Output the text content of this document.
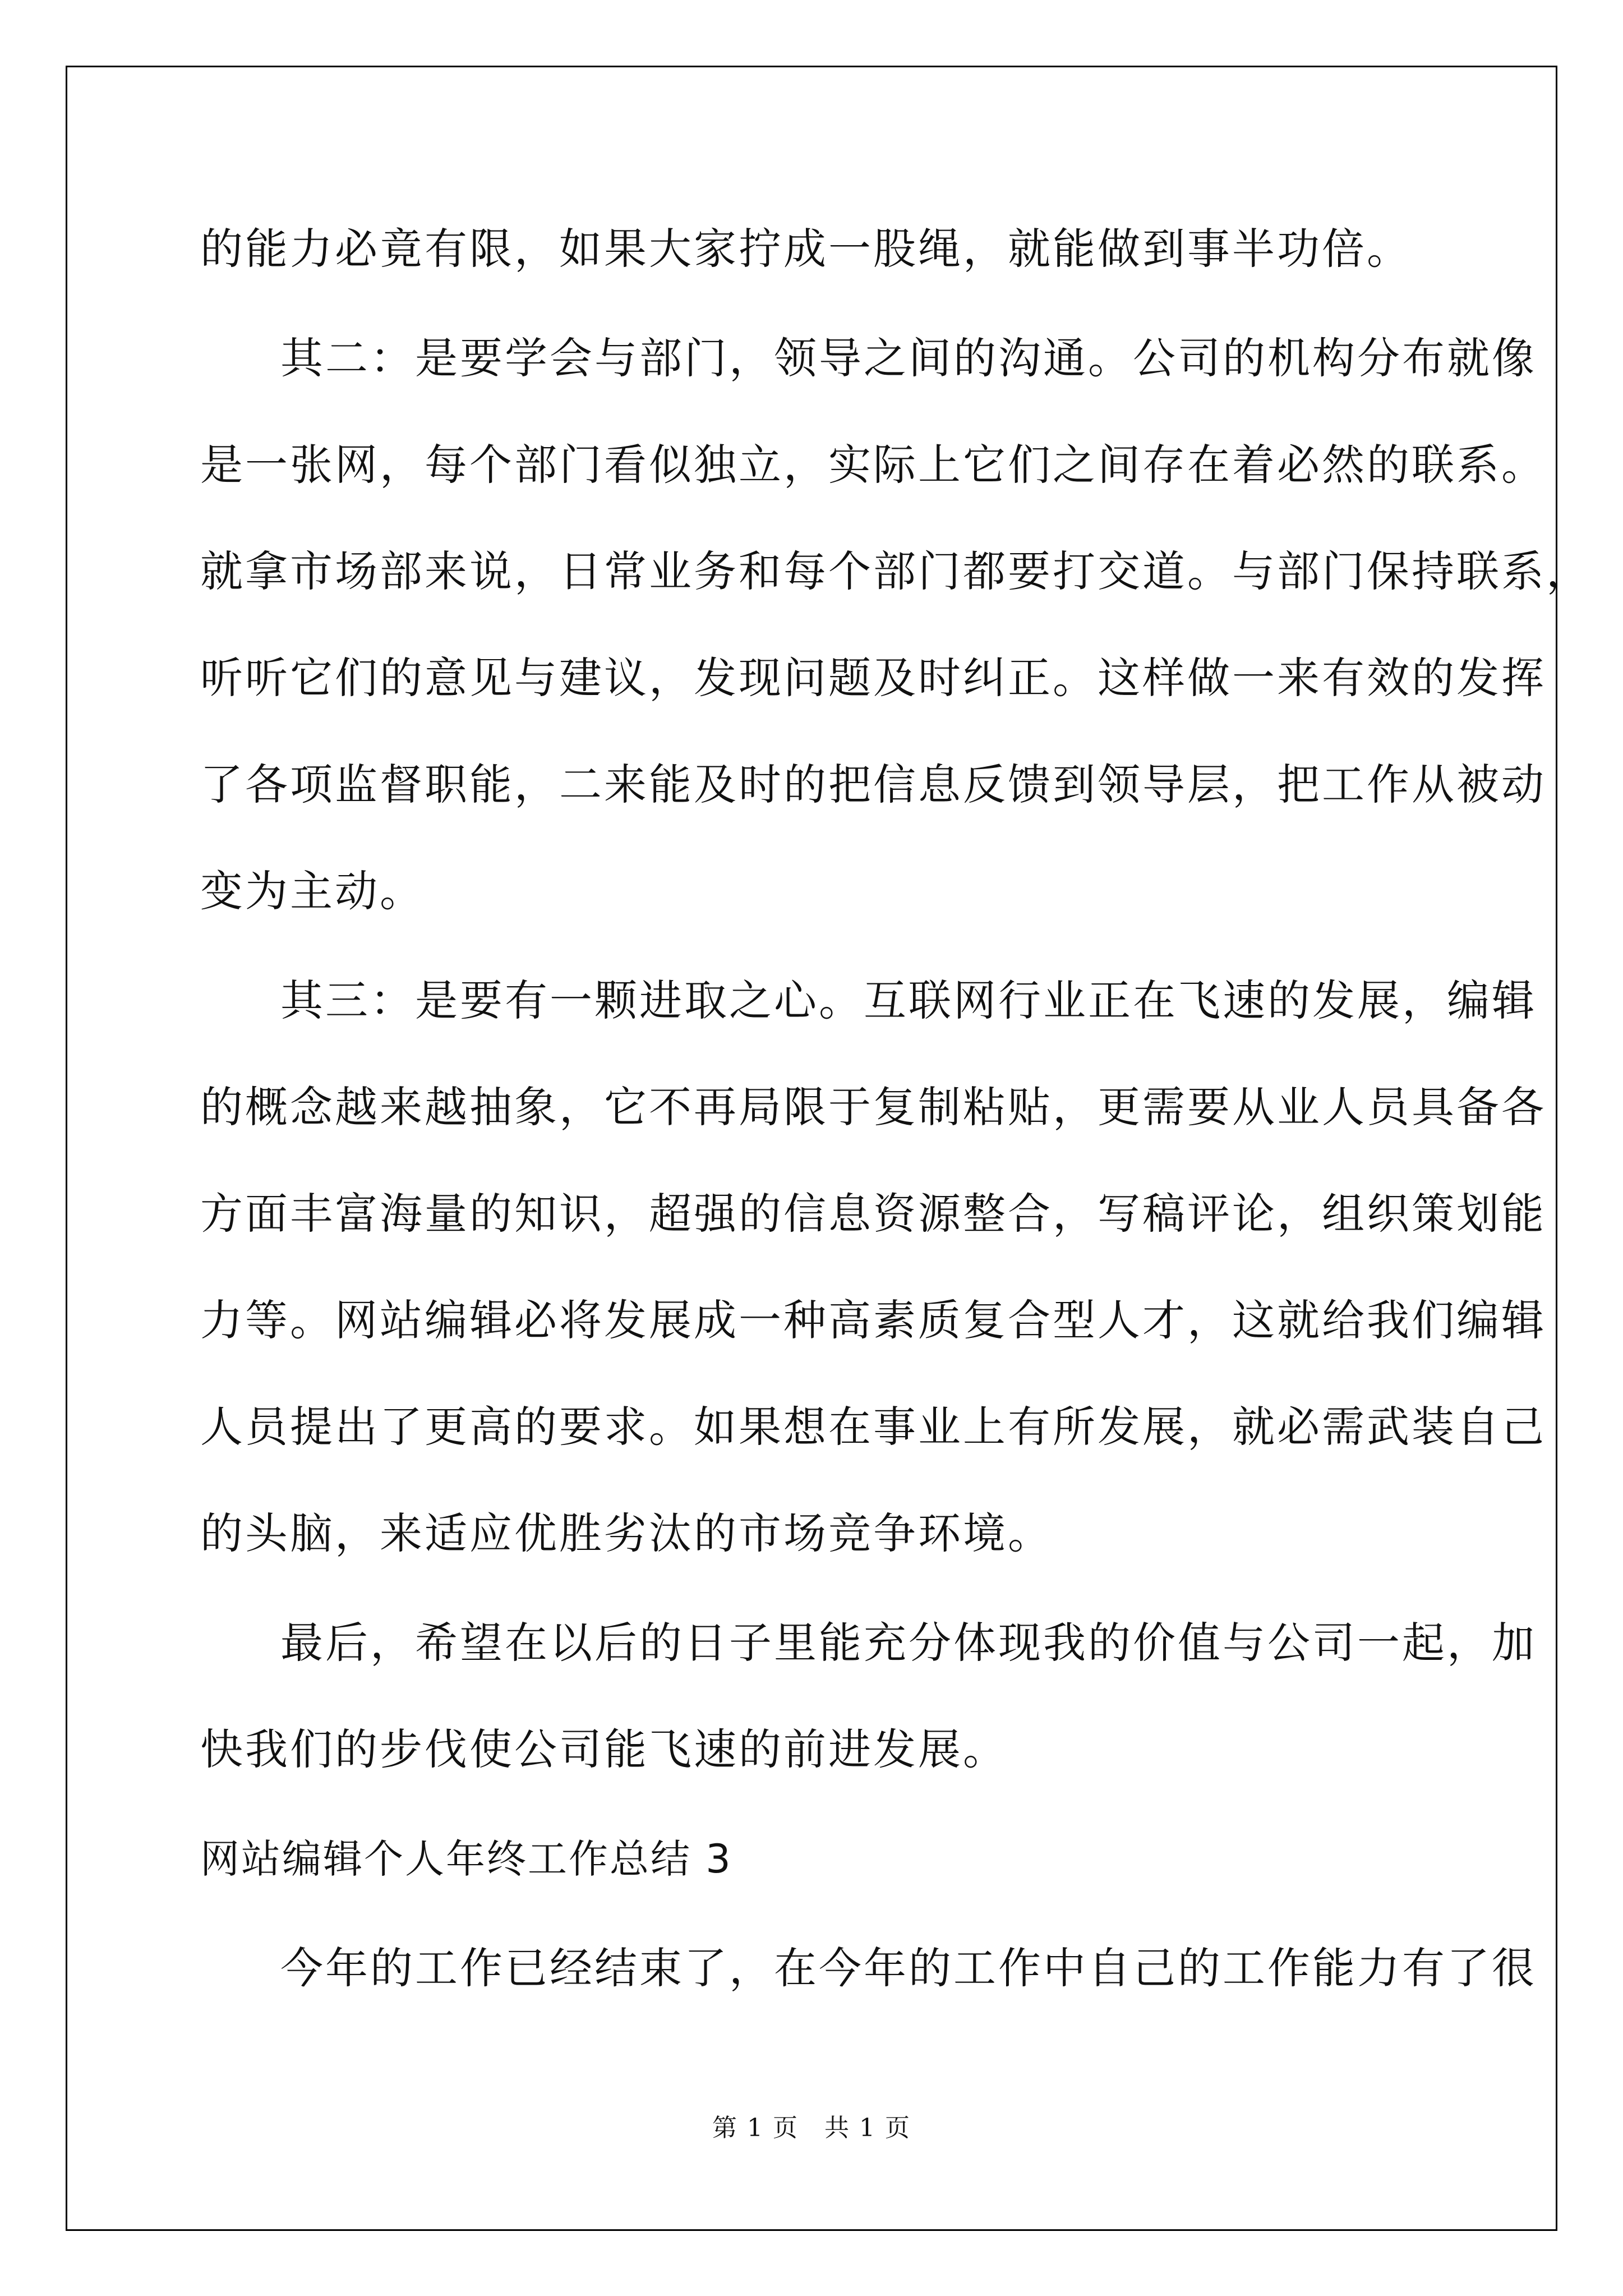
的能力必竟有限，如果大家拧成一股绳，就能做到事半功倍。
其二：是要学会与部门，领导之间的沟通。公司的机构分布就像
是一张网，每个部门看似独立，实际上它们之间存在着必然的联系。
就拿市场部来说，日常业务和每个部门都要打交道。与部门保持联系，
听听它们的意见与建议，发现问题及时纠正。这样做一来有效的发挥
了各项监督职能，二来能及时的把信息反馈到领导层，把工作从被动
变为主动。
其三：是要有一颗进取之心。互联网行业正在飞速的发展，编辑
的概念越来越抽象，它不再局限于复制粘贴，更需要从业人员具备各
方面丰富海量的知识，超强的信息资源整合，写稿评论，组织策划能
力等。网站编辑必将发展成一种高素质复合型人才，这就给我们编辑
人员提出了更高的要求。如果想在事业上有所发展，就必需武装自己
的头脑，来适应优胜劣汰的市场竞争环境。
最后，希望在以后的日子里能充分体现我的价值与公司一起，加
快我们的步伐使公司能飞速的前进发展。
网站编辑个人年终工作总结 3
今年的工作已经结束了，在今年的工作中自己的工作能力有了很
第 1 页　共 1 页
